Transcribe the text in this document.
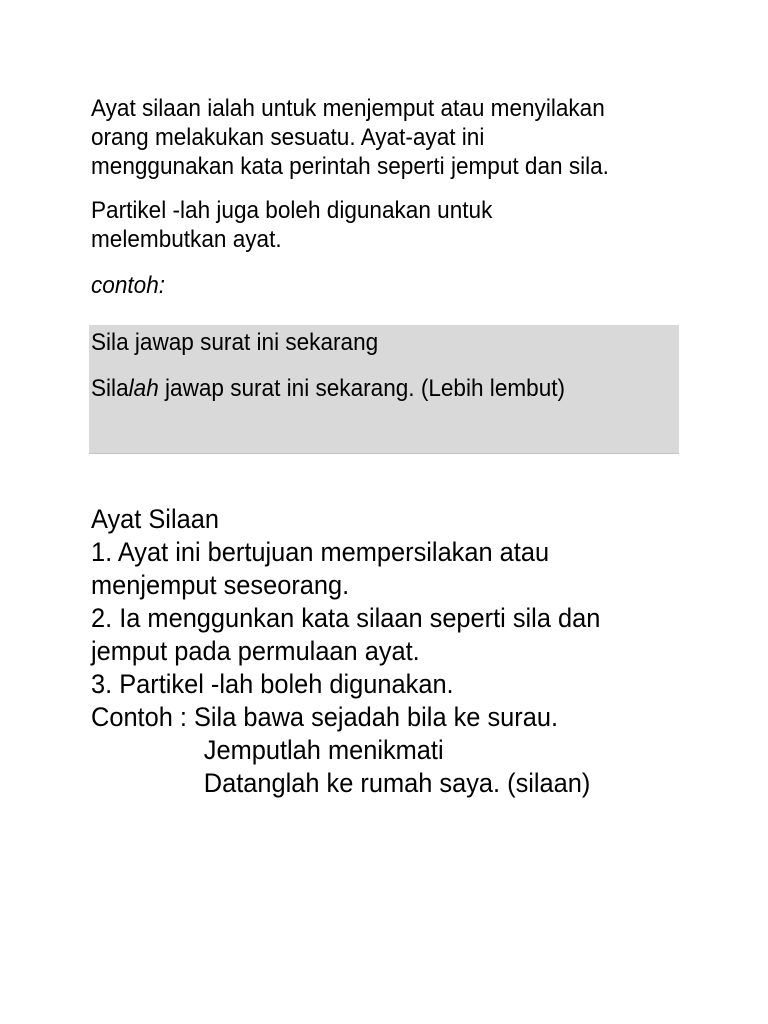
Ayat silaan ialah untuk menjemput atau menyilakan
orang melakukan sesuatu. Ayat-ayat ini
menggunakan kata perintah seperti jemput dan sila.

Partikel -lah juga boleh digunakan untuk
melembutkan ayat.

contoh:

Sila jawap surat ini sekarang
Silalah jawap surat ini sekarang. (Lebih lembut)
Ayat Silaan
1. Ayat ini bertujuan mempersilakan atau
menjemput seseorang.
2. Ia menggunkan kata silaan seperti sila dan
jemput pada permulaan ayat.
3. Partikel -lah boleh digunakan.
Contoh : Sila bawa sejadah bila ke surau.
Jemputlah menikmati
Datanglah ke rumah saya. (silaan)
